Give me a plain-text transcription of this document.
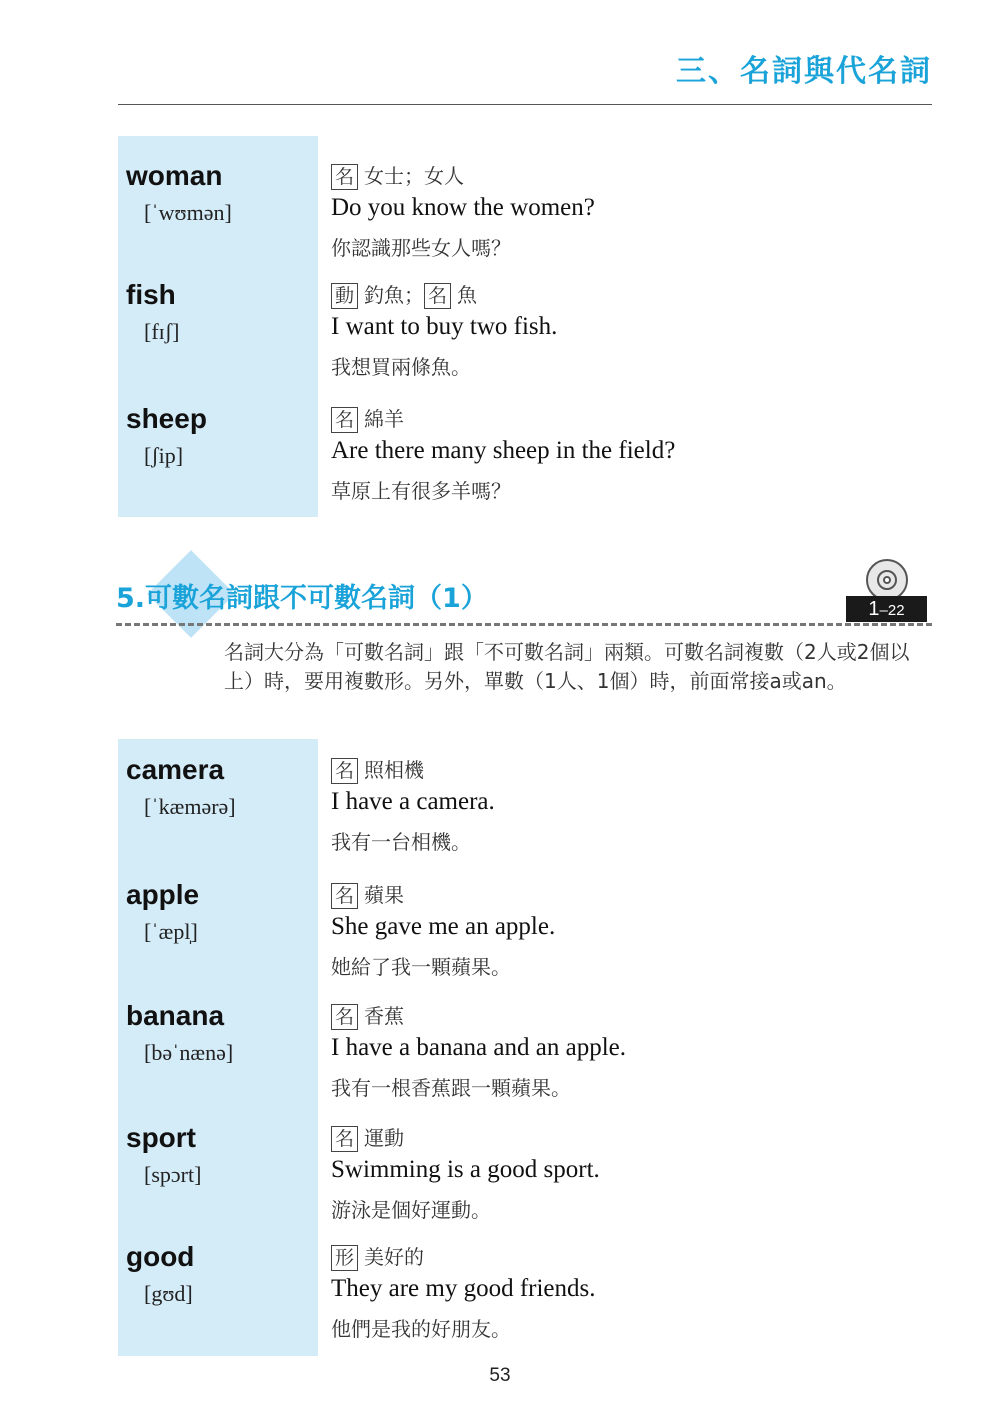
三、名詞與代名詞
woman
[ˈwʊmən]
名 女士；女人
Do you know the women?
你認識那些女人嗎？
fish
[fɪʃ]
動 釣魚； 名 魚
I want to buy two fish.
我想買兩條魚。
sheep
[ʃip]
名 綿羊
Are there many sheep in the field?
草原上有很多羊嗎？
5.可數名詞跟不可數名詞（1）	1–22
名詞大分為「可數名詞」跟「不可數名詞」兩類。可數名詞複數（2人或2個以上）時，要用複數形。另外，單數（1人、1個）時，前面常接a或an。
camera
[ˈkæmərə]
名 照相機
I have a camera.
我有一台相機。
apple
[ˈæpl̩]
名 蘋果
She gave me an apple.
她給了我一顆蘋果。
banana
[bəˈnænə]
名 香蕉
I have a banana and an apple.
我有一根香蕉跟一顆蘋果。
sport
[spɔrt]
名 運動
Swimming is a good sport.
游泳是個好運動。
good
[gʊd]
形 美好的
They are my good friends.
他們是我的好朋友。
53
